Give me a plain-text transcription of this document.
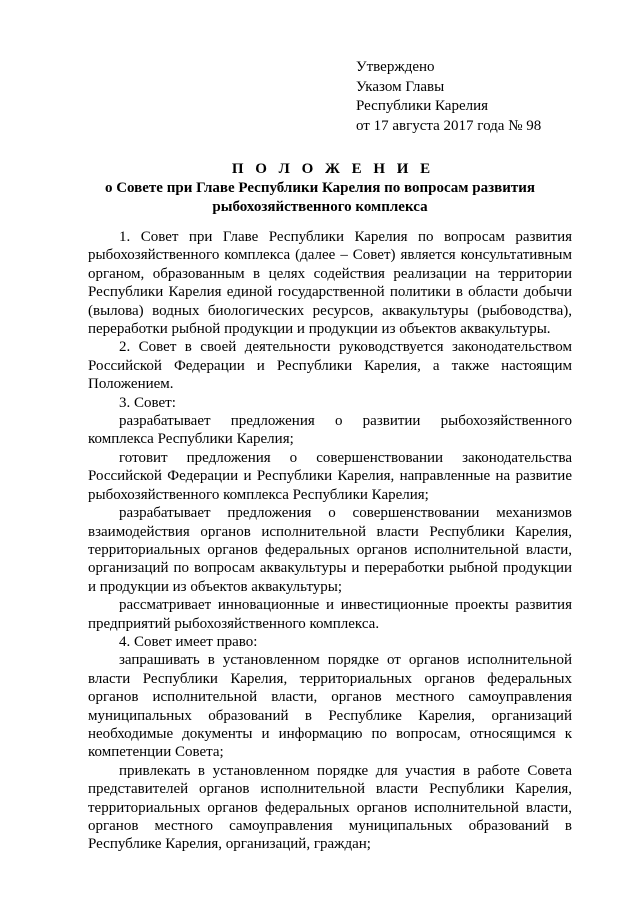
Утверждено
Указом Главы
Республики Карелия
от 17 августа 2017 года № 98
П О Л О Ж Е Н И Е
о Совете при Главе Республики Карелия по вопросам развития
рыбохозяйственного комплекса

1. Совет при Главе Республики Карелия по вопросам развития рыбохозяйственного комплекса (далее – Совет) является консультативным органом, образованным в целях содействия реализации на территории Республики Карелия единой государственной политики в области добычи (вылова) водных биологических ресурсов, аквакультуры (рыбоводства), переработки рыбной продукции и продукции из объектов аквакультуры.

2. Совет в своей деятельности руководствуется законодательством Российской Федерации и Республики Карелия, а также настоящим Положением.

3. Совет:

разрабатывает предложения о развитии рыбохозяйственного комплекса Республики Карелия;

готовит предложения о совершенствовании законодательства Российской Федерации и Республики Карелия, направленные на развитие рыбохозяйственного комплекса Республики Карелия;

разрабатывает предложения о совершенствовании механизмов взаимодействия органов исполнительной власти Республики Карелия, территориальных органов федеральных органов исполнительной власти, организаций по вопросам аквакультуры и переработки рыбной продукции и продукции из объектов аквакультуры;

рассматривает инновационные и инвестиционные проекты развития предприятий рыбохозяйственного комплекса.

4. Совет имеет право:

запрашивать в установленном порядке от органов исполнительной власти Республики Карелия, территориальных органов федеральных органов исполнительной власти, органов местного самоуправления муниципальных образований в Республике Карелия, организаций необходимые документы и информацию по вопросам, относящимся к компетенции Совета;

привлекать в установленном порядке для участия в работе Совета представителей органов исполнительной власти Республики Карелия, территориальных органов федеральных органов исполнительной власти, органов местного самоуправления муниципальных образований в Республике Карелия, организаций, граждан;
